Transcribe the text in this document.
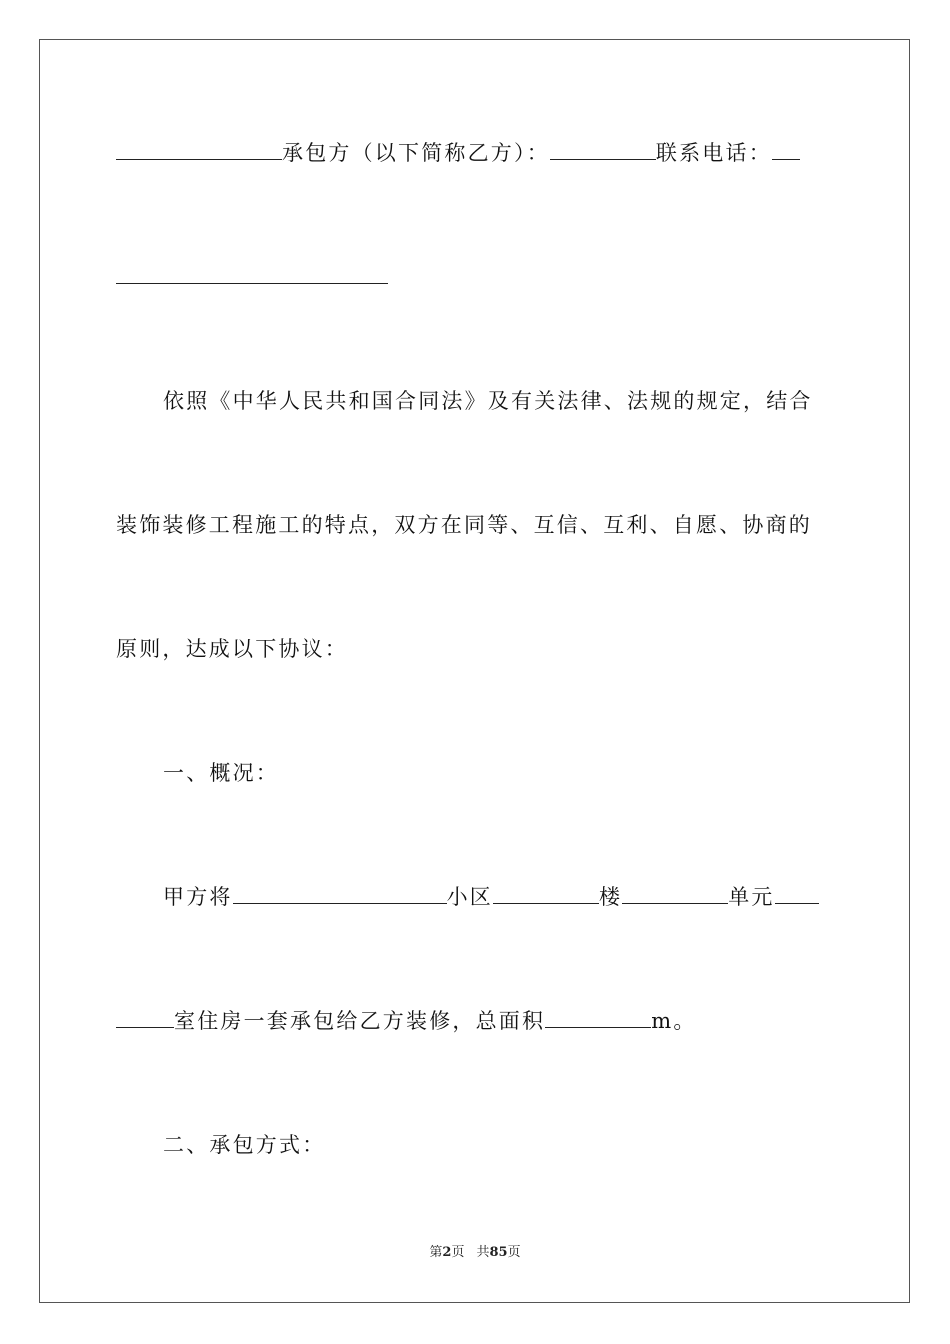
承包方（以下简称乙方）：	联系电话：
依照《中华人民共和国合同法》及有关法律、法规的规定，结合
装饰装修工程施工的特点，双方在同等、互信、互利、自愿、协商的
原则，达成以下协议：
一、概况：
甲方将	小区	楼	单元
室住房一套承包给乙方装修，总面积	m。
二、承包方式：
第2页 共85页
